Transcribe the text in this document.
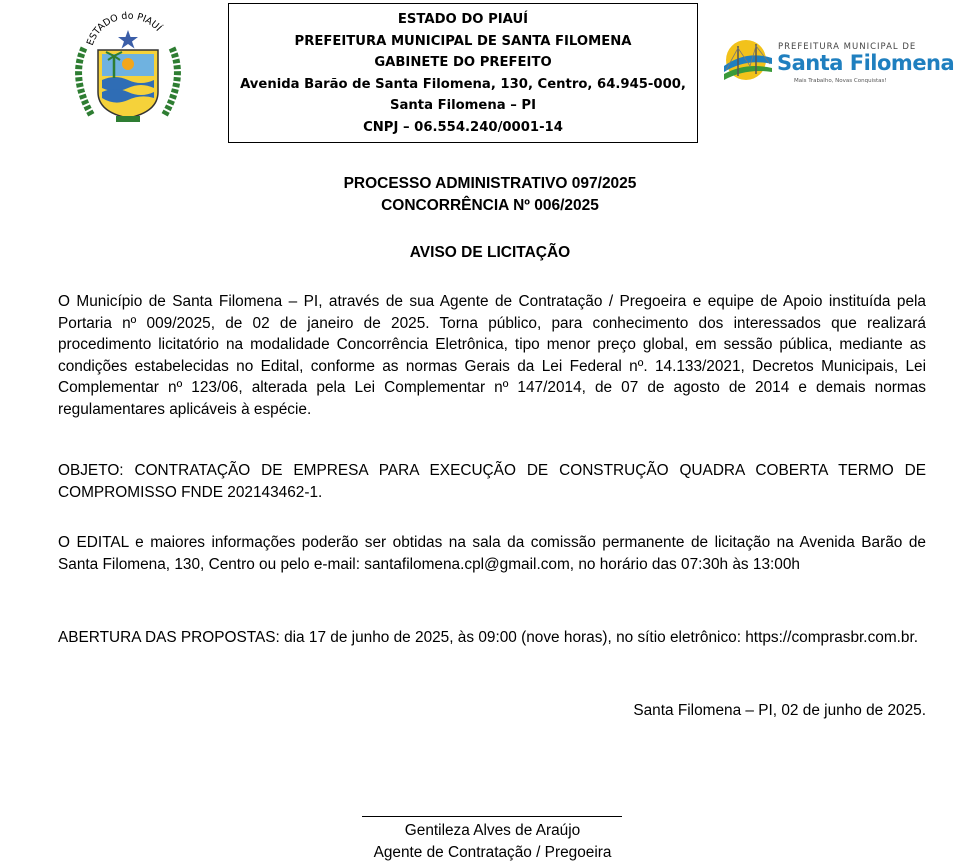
ESTADO do PIAUÍ
ESTADO DO PIAUÍ
PREFEITURA MUNICIPAL DE SANTA FILOMENA
GABINETE DO PREFEITO
Avenida Barão de Santa Filomena, 130, Centro, 64.945-000,
Santa Filomena – PI
CNPJ – 06.554.240/0001-14
PREFEITURA MUNICIPAL DE
Santa Filomena
Mais Trabalho, Novas Conquistas!
PROCESSO ADMINISTRATIVO 097/2025
CONCORRÊNCIA Nº 006/2025
AVISO DE LICITAÇÃO
O Município de Santa Filomena – PI, através de sua Agente de Contratação / Pregoeira e equipe de Apoio instituída pela Portaria nº 009/2025, de 02 de janeiro de 2025. Torna público, para conhecimento dos interessados que realizará procedimento licitatório na modalidade Concorrência Eletrônica, tipo menor preço global, em sessão pública, mediante as condições estabelecidas no Edital, conforme as normas Gerais da Lei Federal nº. 14.133/2021, Decretos Municipais, Lei Complementar nº 123/06, alterada pela Lei Complementar nº 147/2014, de 07 de agosto de 2014 e demais normas regulamentares aplicáveis à espécie.
OBJETO: CONTRATAÇÃO DE EMPRESA PARA EXECUÇÃO DE CONSTRUÇÃO QUADRA COBERTA TERMO DE COMPROMISSO FNDE 202143462-1.
O EDITAL e maiores informações poderão ser obtidas na sala da comissão permanente de licitação na Avenida Barão de Santa Filomena, 130, Centro ou pelo e-mail: santafilomena.cpl@gmail.com, no horário das 07:30h às 13:00h
ABERTURA DAS PROPOSTAS: dia 17 de junho de 2025, às 09:00 (nove horas), no sítio eletrônico: https://comprasbr.com.br.
Santa Filomena – PI, 02 de junho de 2025.
Gentileza Alves de Araújo
Agente de Contratação / Pregoeira
